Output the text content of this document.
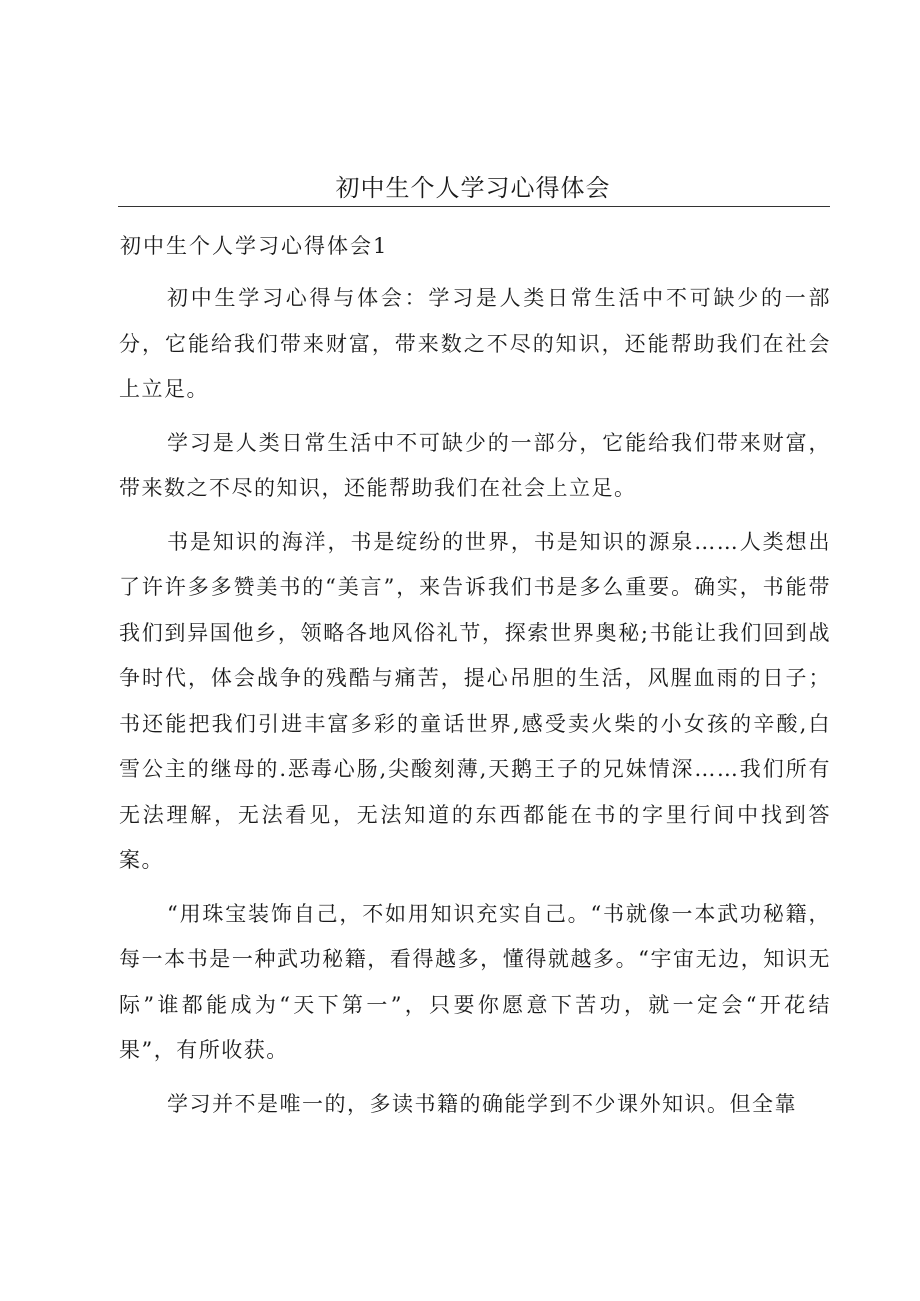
初中生个人学习心得体会
初中生个人学习心得体会1

初中生学习心得与体会：学习是人类日常生活中不可缺少的一部分，它能给我们带来财富，带来数之不尽的知识，还能帮助我们在社会上立足。

学习是人类日常生活中不可缺少的一部分，它能给我们带来财富，带来数之不尽的知识，还能帮助我们在社会上立足。

书是知识的海洋，书是绽纷的世界，书是知识的源泉……人类想出了许许多多赞美书的“美言”，来告诉我们书是多么重要。确实，书能带我们到异国他乡，领略各地风俗礼节，探索世界奥秘;书能让我们回到战争时代，体会战争的残酷与痛苦，提心吊胆的生活，风腥血雨的日子；书还能把我们引进丰富多彩的童话世界,感受卖火柴的小女孩的辛酸,白雪公主的继母的.恶毒心肠,尖酸刻薄,天鹅王子的兄妹情深……我们所有无法理解，无法看见，无法知道的东西都能在书的字里行间中找到答案。

“用珠宝装饰自己，不如用知识充实自己。“书就像一本武功秘籍，每一本书是一种武功秘籍，看得越多，懂得就越多。“宇宙无边，知识无际”谁都能成为“天下第一”，只要你愿意下苦功，就一定会“开花结果”，有所收获。

学习并不是唯一的，多读书籍的确能学到不少课外知识。但全靠
